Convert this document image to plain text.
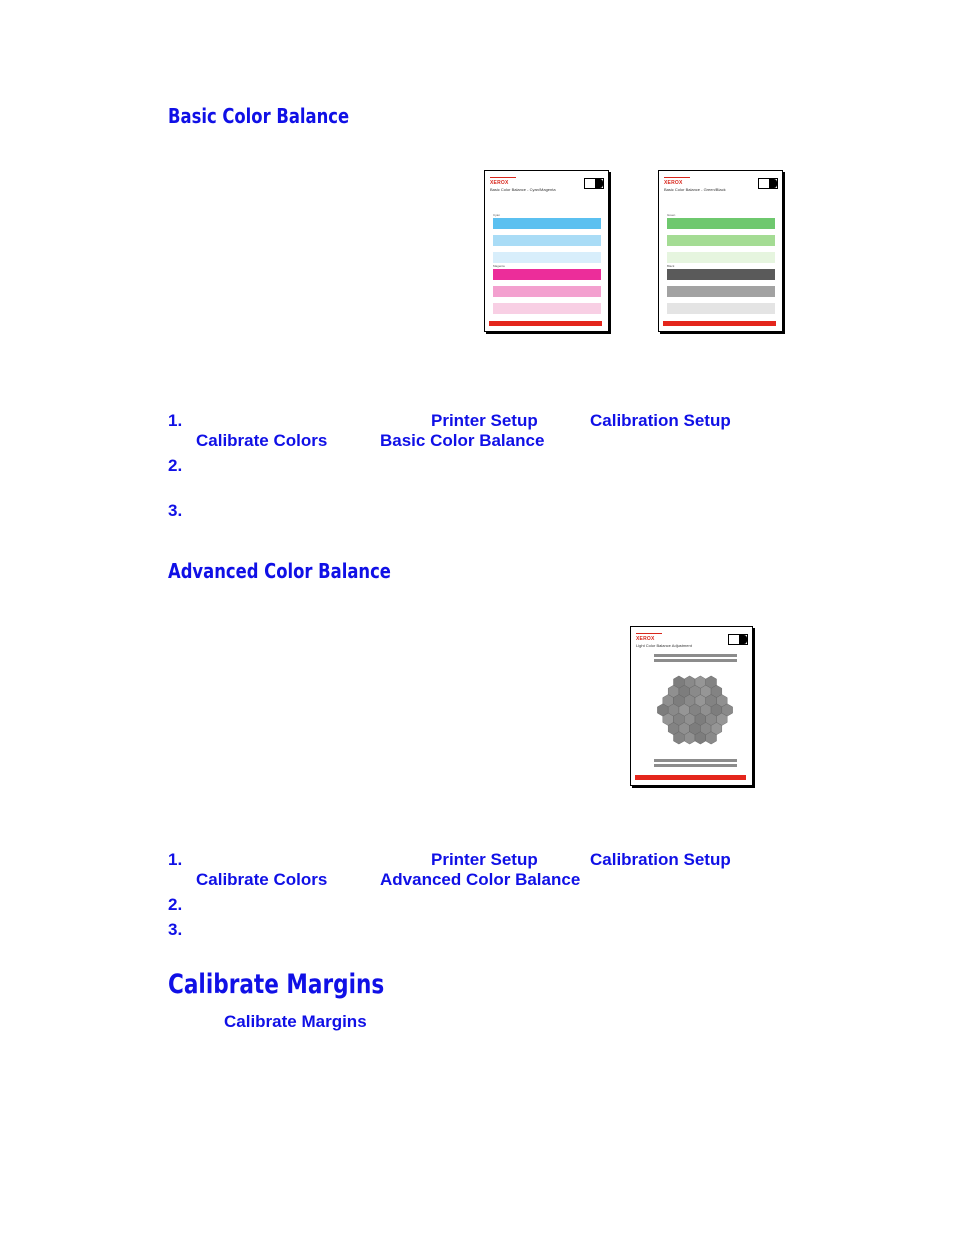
Basic Color Balance
XEROX
Basic Color Balance - Cyan/Magenta
Cyan
Magenta
XEROX
Basic Color Balance - Green/Black
Green
Black
1.	Printer Setup	Calibration Setup
Calibrate Colors	Basic Color Balance
2.
3.
Advanced Color Balance
XEROX
Light Color Balance Adjustment
1.	Printer Setup	Calibration Setup
Calibrate Colors	Advanced Color Balance
2.
3.
Calibrate Margins
Calibrate Margins
